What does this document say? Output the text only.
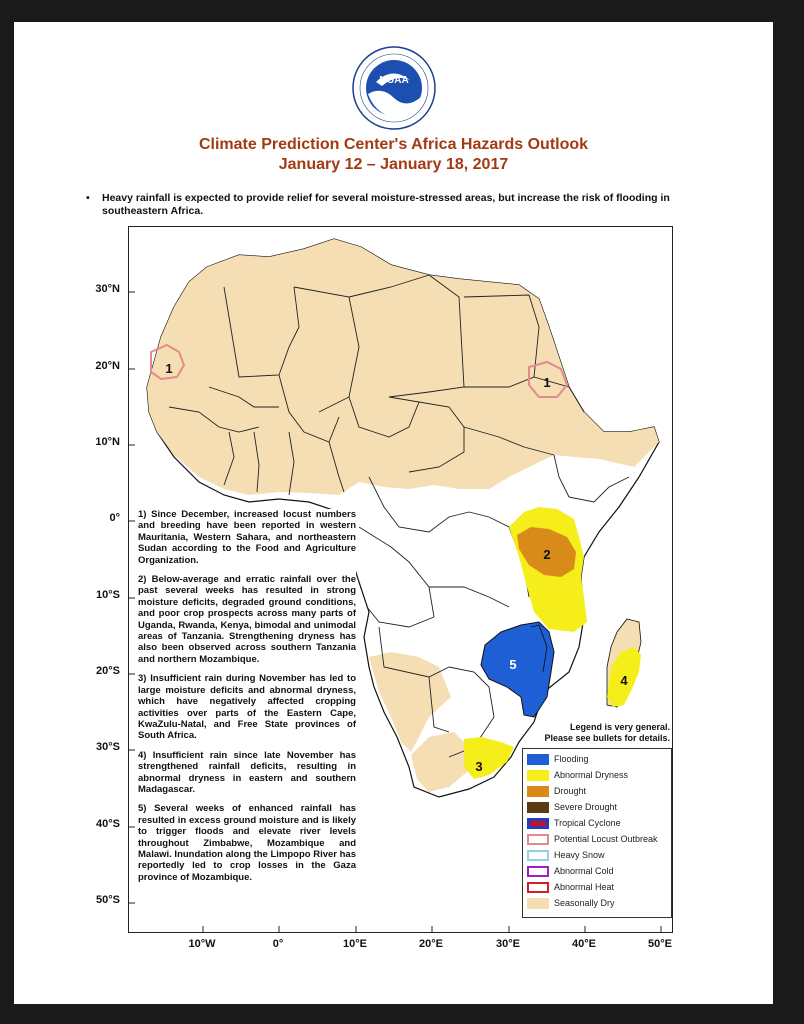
NOAA
Climate Prediction Center's Africa Hazards Outlook
January 12 – January 18, 2017
• Heavy rainfall is expected to provide relief for several moisture-stressed areas, but increase the risk of flooding in southeastern Africa.
30°N
20°N
10°N
0°
10°S
20°S
30°S
40°S
50°S
10°W	0°	10°E	20°E	30°E	40°E	50°E
1
1
2
3
4
5

1) Since December, increased locust numbers and breeding have been reported in western Mauritania, Western Sahara, and northeastern Sudan according to the Food and Agriculture Organization.

2) Below-average and erratic rainfall over the past several weeks has resulted in strong moisture deficits, degraded ground conditions, and poor crop prospects across many parts of Uganda, Rwanda, Kenya, bimodal and unimodal areas of Tanzania. Strengthening dryness has also been observed across southern Tanzania and northern Mozambique.

3) Insufficient rain during November has led to large moisture deficits and abnormal dryness, which have negatively affected cropping activities over parts of the Eastern Cape, KwaZulu-Natal, and Free State provinces of South Africa.

4) Insufficient rain since late November has strengthened rainfall deficits, resulting in abnormal dryness in eastern and southern Madagascar.

5) Several weeks of enhanced rainfall has resulted in excess ground moisture and is likely to trigger floods and elevate river levels throughout Zimbabwe, Mozambique and Malawi. Inundation along the Limpopo River has reportedly led to crop losses in the Gaza province of Mozambique.

Legend is very general.
Please see bullets for details.
Flooding
Abnormal Dryness
Drought
Severe Drought
Tropical Cyclone
Potential Locust Outbreak
Heavy Snow
Abnormal Cold
Abnormal Heat
Seasonally Dry
